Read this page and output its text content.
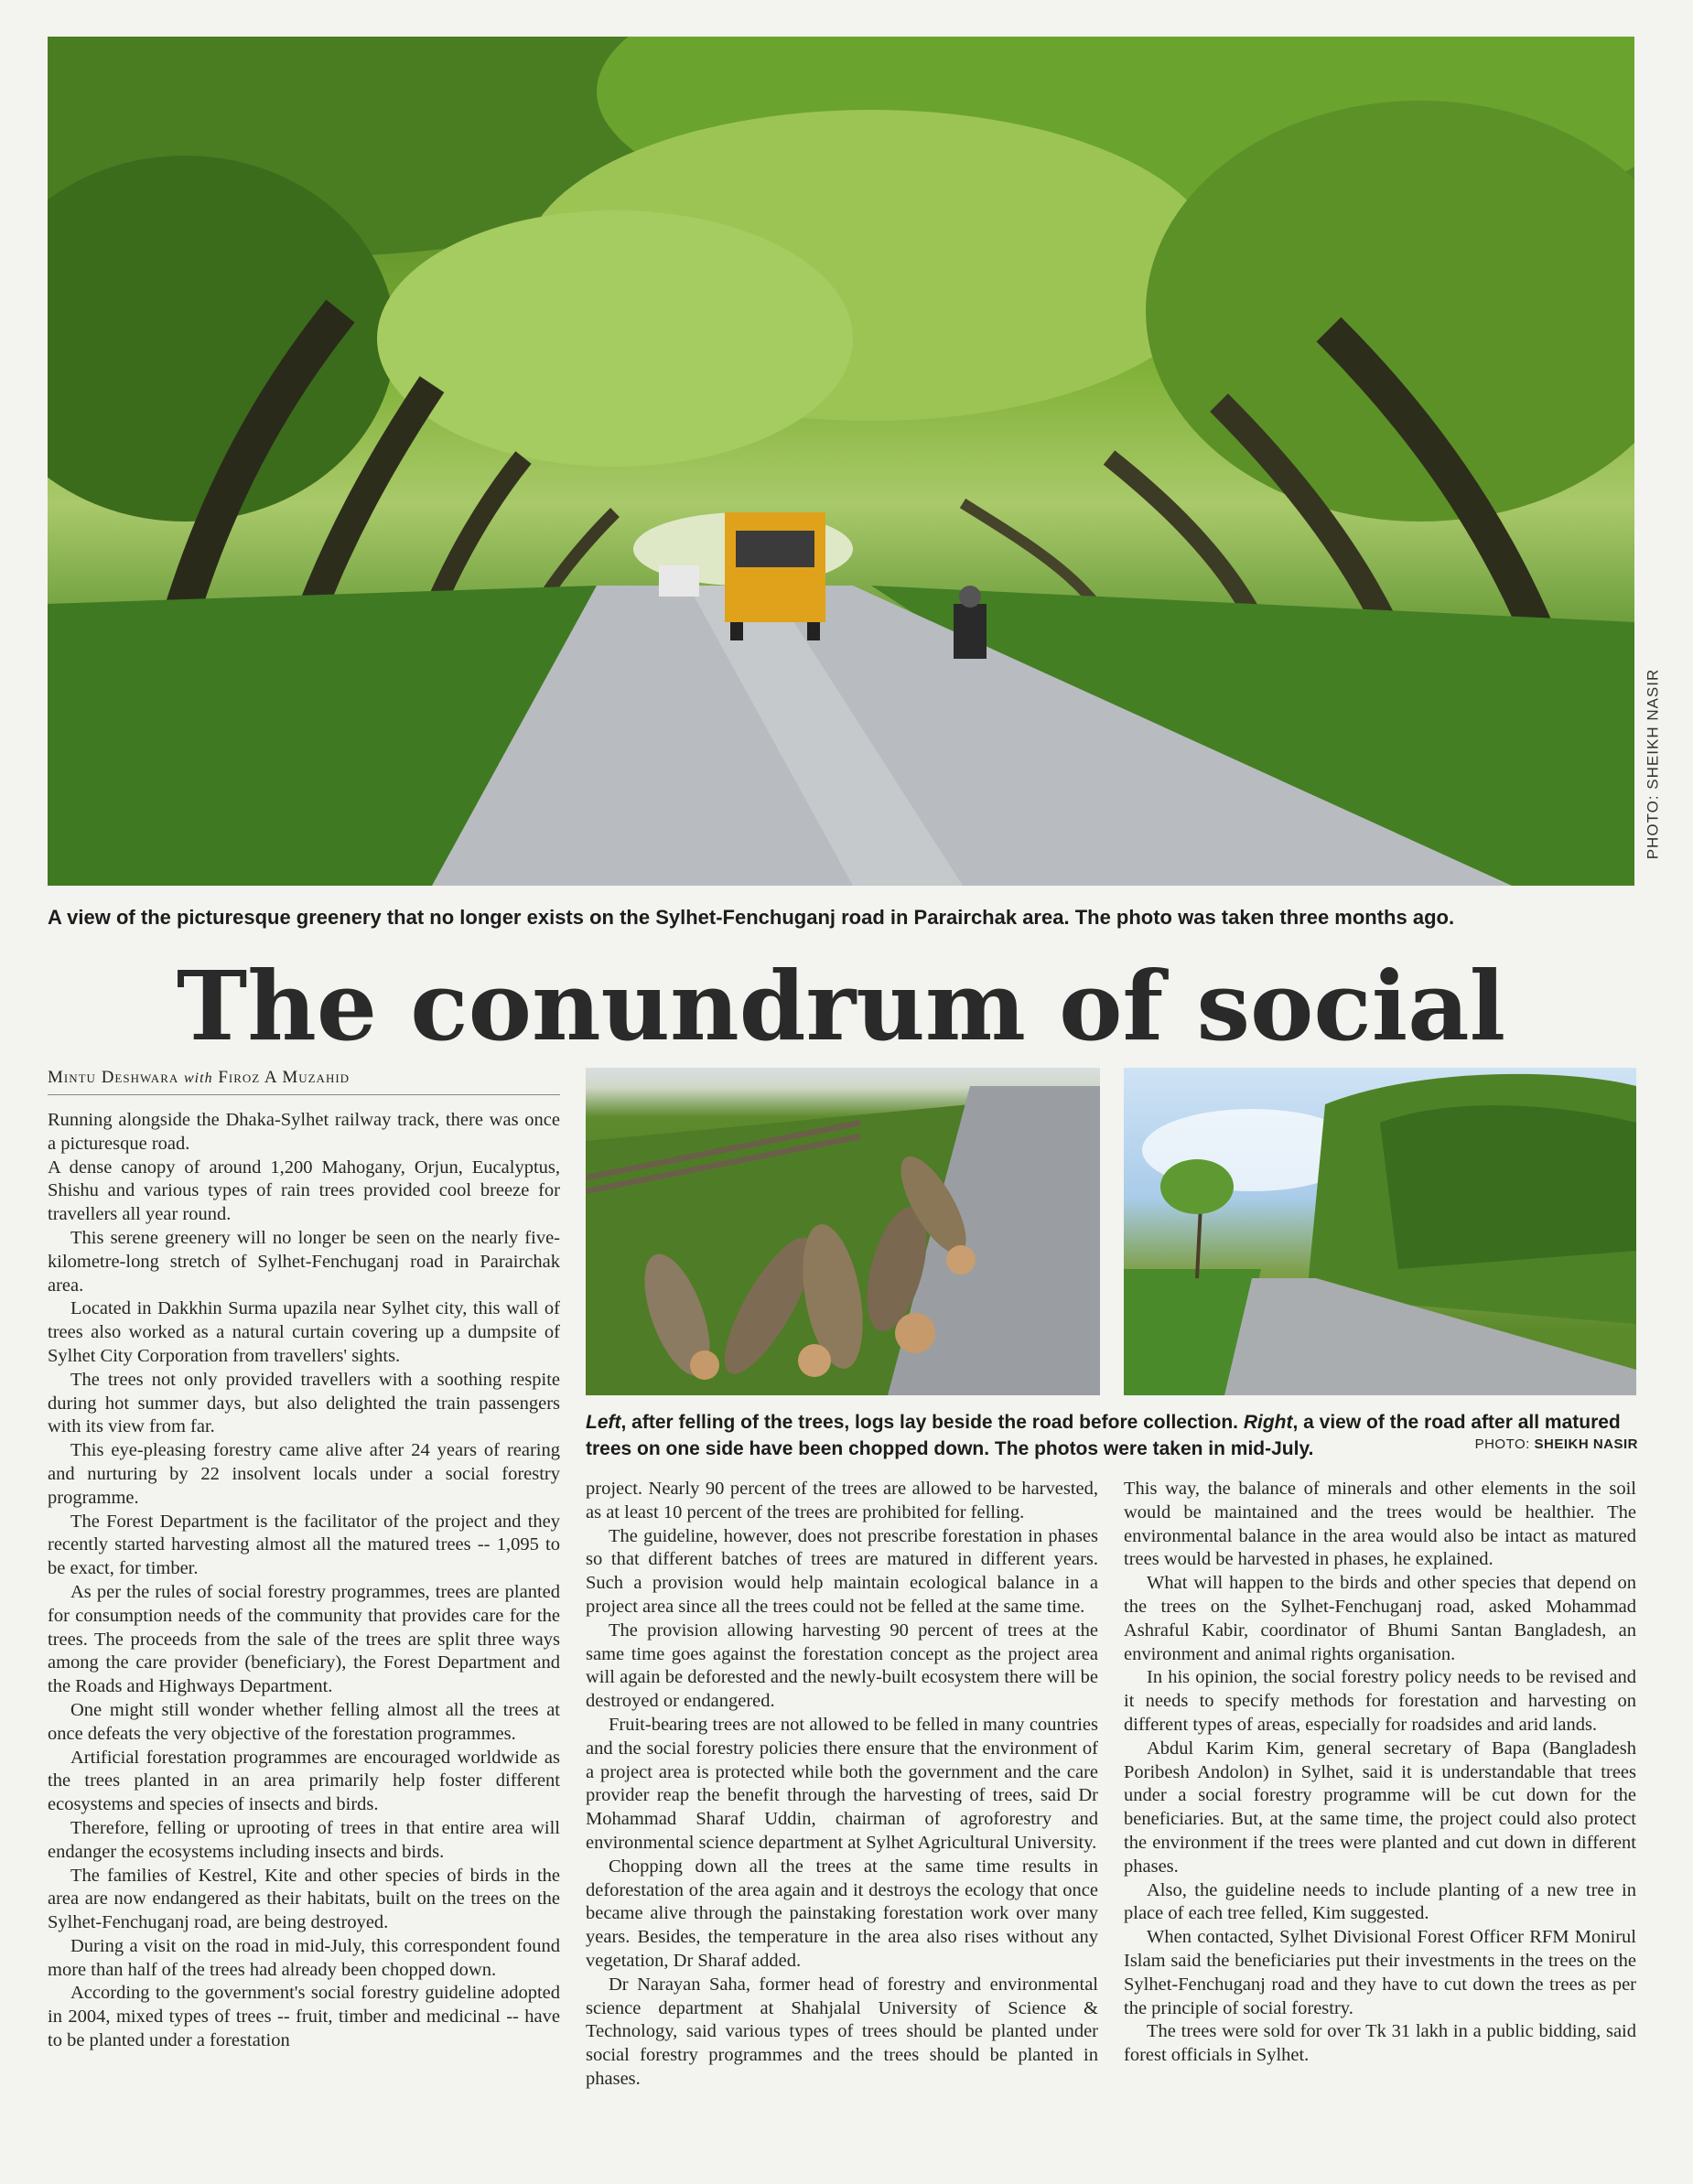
PHOTO: SHEIKH NASIR
A view of the picturesque greenery that no longer exists on the Sylhet-Fenchuganj road in Parairchak area. The photo was taken three months ago.
The conundrum of social
Mintu Deshwara with Firoz A Muzahid

Running alongside the Dhaka-Sylhet railway track, there was once a picturesque road.

A dense canopy of around 1,200 Mahogany, Orjun, Eucalyptus, Shishu and various types of rain trees provided cool breeze for travellers all year round.

This serene greenery will no longer be seen on the nearly five-kilometre-long stretch of Sylhet-Fenchuganj road in Parairchak area.

Located in Dakkhin Surma upazila near Sylhet city, this wall of trees also worked as a natural curtain covering up a dumpsite of Sylhet City Corporation from travellers' sights.

The trees not only provided travellers with a soothing respite during hot summer days, but also delighted the train passengers with its view from far.

This eye-pleasing forestry came alive after 24 years of rearing and nurturing by 22 insolvent locals under a social forestry programme.

The Forest Department is the facilitator of the project and they recently started harvesting almost all the matured trees -- 1,095 to be exact, for timber.

As per the rules of social forestry programmes, trees are planted for consumption needs of the community that provides care for the trees. The proceeds from the sale of the trees are split three ways among the care provider (beneficiary), the Forest Department and the Roads and Highways Department.

One might still wonder whether felling almost all the trees at once defeats the very objective of the forestation programmes.

Artificial forestation programmes are encouraged worldwide as the trees planted in an area primarily help foster different ecosystems and species of insects and birds.

Therefore, felling or uprooting of trees in that entire area will endanger the ecosystems including insects and birds.

The families of Kestrel, Kite and other species of birds in the area are now endangered as their habitats, built on the trees on the Sylhet-Fenchuganj road, are being destroyed.

During a visit on the road in mid-July, this correspondent found more than half of the trees had already been chopped down.

According to the government's social forestry guideline adopted in 2004, mixed types of trees -- fruit, timber and medicinal -- have to be planted under a forestation

Left, after felling of the trees, logs lay beside the road before collection. Right, a view of the road after all matured trees on one side have been chopped down. The photos were taken in mid-July.	PHOTO: SHEIKH NASIR

project. Nearly 90 percent of the trees are allowed to be harvested, as at least 10 percent of the trees are prohibited for felling.

The guideline, however, does not prescribe forestation in phases so that different batches of trees are matured in different years. Such a provision would help maintain ecological balance in a project area since all the trees could not be felled at the same time.

The provision allowing harvesting 90 percent of trees at the same time goes against the forestation concept as the project area will again be deforested and the newly-built ecosystem there will be destroyed or endangered.

Fruit-bearing trees are not allowed to be felled in many countries and the social forestry policies there ensure that the environment of a project area is protected while both the government and the care provider reap the benefit through the harvesting of trees, said Dr Mohammad Sharaf Uddin, chairman of agroforestry and environmental science department at Sylhet Agricultural University.

Chopping down all the trees at the same time results in deforestation of the area again and it destroys the ecology that once became alive through the painstaking forestation work over many years. Besides, the temperature in the area also rises without any vegetation, Dr Sharaf added.

Dr Narayan Saha, former head of forestry and environmental science department at Shahjalal University of Science & Technology, said various types of trees should be planted under social forestry programmes and the trees should be planted in phases.

This way, the balance of minerals and other elements in the soil would be maintained and the trees would be healthier. The environmental balance in the area would also be intact as matured trees would be harvested in phases, he explained.

What will happen to the birds and other species that depend on the trees on the Sylhet-Fenchuganj road, asked Mohammad Ashraful Kabir, coordinator of Bhumi Santan Bangladesh, an environment and animal rights organisation.

In his opinion, the social forestry policy needs to be revised and it needs to specify methods for forestation and harvesting on different types of areas, especially for roadsides and arid lands.

Abdul Karim Kim, general secretary of Bapa (Bangladesh Poribesh Andolon) in Sylhet, said it is understandable that trees under a social forestry programme will be cut down for the beneficiaries. But, at the same time, the project could also protect the environment if the trees were planted and cut down in different phases.

Also, the guideline needs to include planting of a new tree in place of each tree felled, Kim suggested.

When contacted, Sylhet Divisional Forest Officer RFM Monirul Islam said the beneficiaries put their investments in the trees on the Sylhet-Fenchuganj road and they have to cut down the trees as per the principle of social forestry.

The trees were sold for over Tk 31 lakh in a public bidding, said forest officials in Sylhet.
